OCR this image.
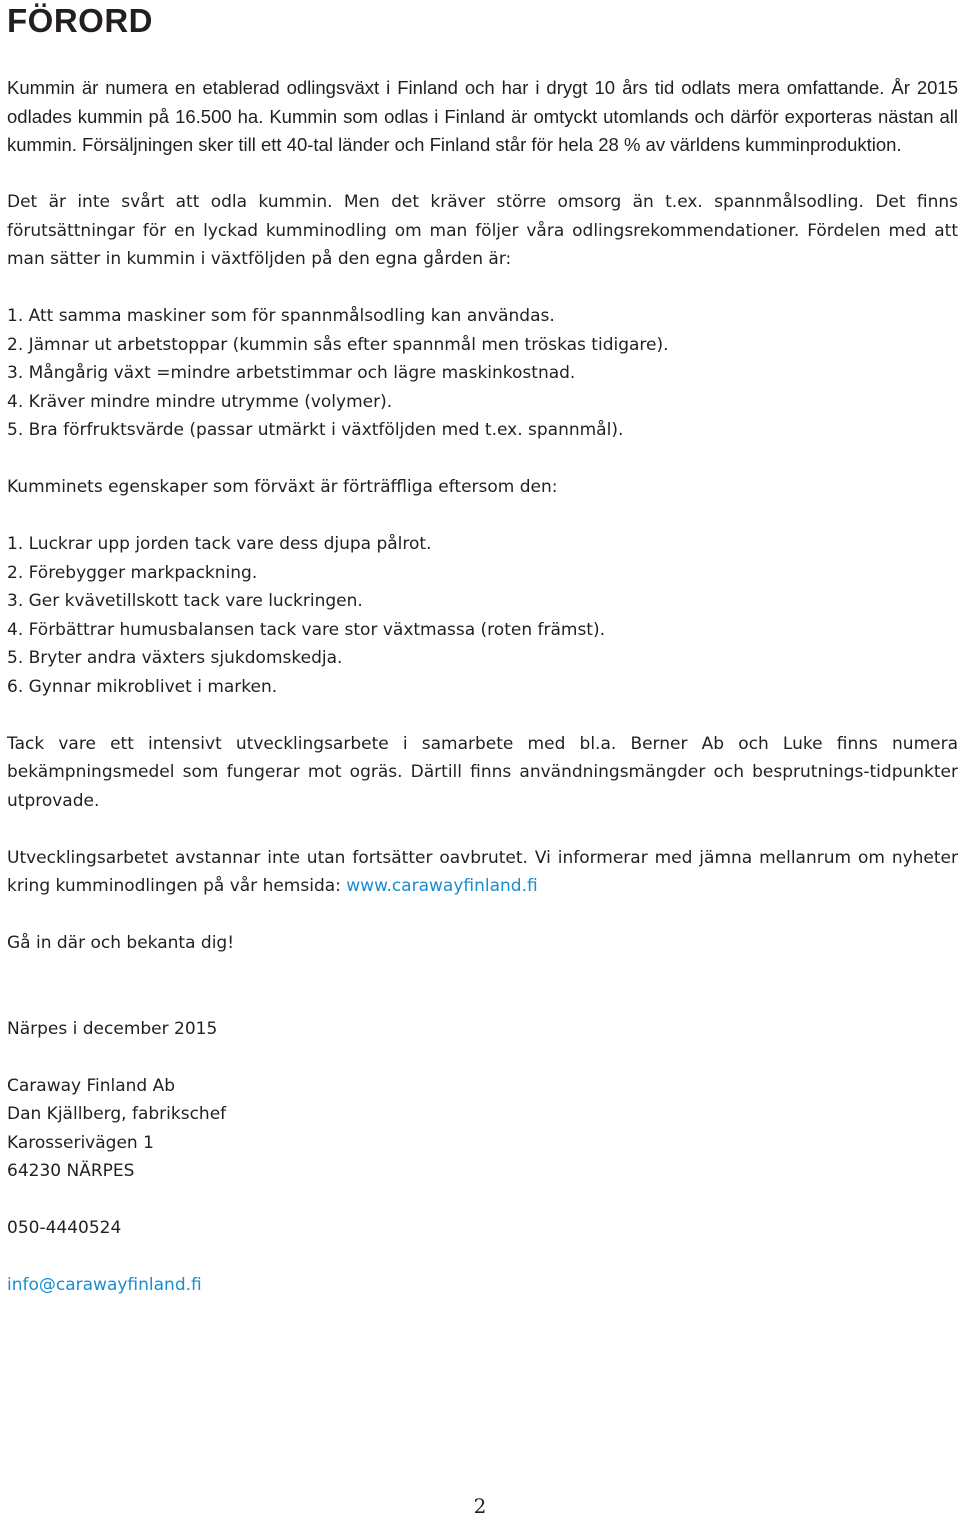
FÖRORD

Kummin är numera en etablerad odlingsväxt i Finland och har i drygt 10 års tid odlats mera omfattande. År 2015 odlades kummin på 16.500 ha. Kummin som odlas i Finland är omtyckt utomlands och därför exporteras nästan all kummin. Försäljningen sker till ett 40-tal länder och Finland står för hela 28 % av världens kumminproduktion.

Det är inte svårt att odla kummin. Men det kräver större omsorg än t.ex. spannmålsodling. Det finns förutsättningar för en lyckad kumminodling om man följer våra odlingsrekommendationer. Fördelen med att man sätter in kummin i växtföljden på den egna gården är:

1. Att samma maskiner som för spannmålsodling kan användas.
2. Jämnar ut arbetstoppar (kummin sås efter spannmål men tröskas tidigare).
3. Mångårig växt =mindre arbetstimmar och lägre maskinkostnad.
4. Kräver mindre mindre utrymme (volymer).
5. Bra förfruktsvärde (passar utmärkt i växtföljden med t.ex. spannmål).

Kumminets egenskaper som förväxt är förträffliga eftersom den:

1. Luckrar upp jorden tack vare dess djupa pålrot.
2. Förebygger markpackning.
3. Ger kvävetillskott tack vare luckringen.
4. Förbättrar humusbalansen tack vare stor växtmassa (roten främst).
5. Bryter andra växters sjukdomskedja.
6. Gynnar mikroblivet i marken.

Tack vare ett intensivt utvecklingsarbete i samarbete med bl.a. Berner Ab och Luke finns numera bekämpningsmedel som fungerar mot ogräs. Därtill finns användningsmängder och besprutnings-tidpunkter utprovade.

Utvecklingsarbetet avstannar inte utan fortsätter oavbrutet. Vi informerar med jämna mellanrum om nyheter kring kumminodlingen på vår hemsida: www.carawayfinland.fi

Gå in där och bekanta dig!

Närpes i december 2015

Caraway Finland Ab
Dan Kjällberg, fabrikschef
Karosserivägen 1
64230 NÄRPES

050-4440524

info@carawayfinland.fi

2
